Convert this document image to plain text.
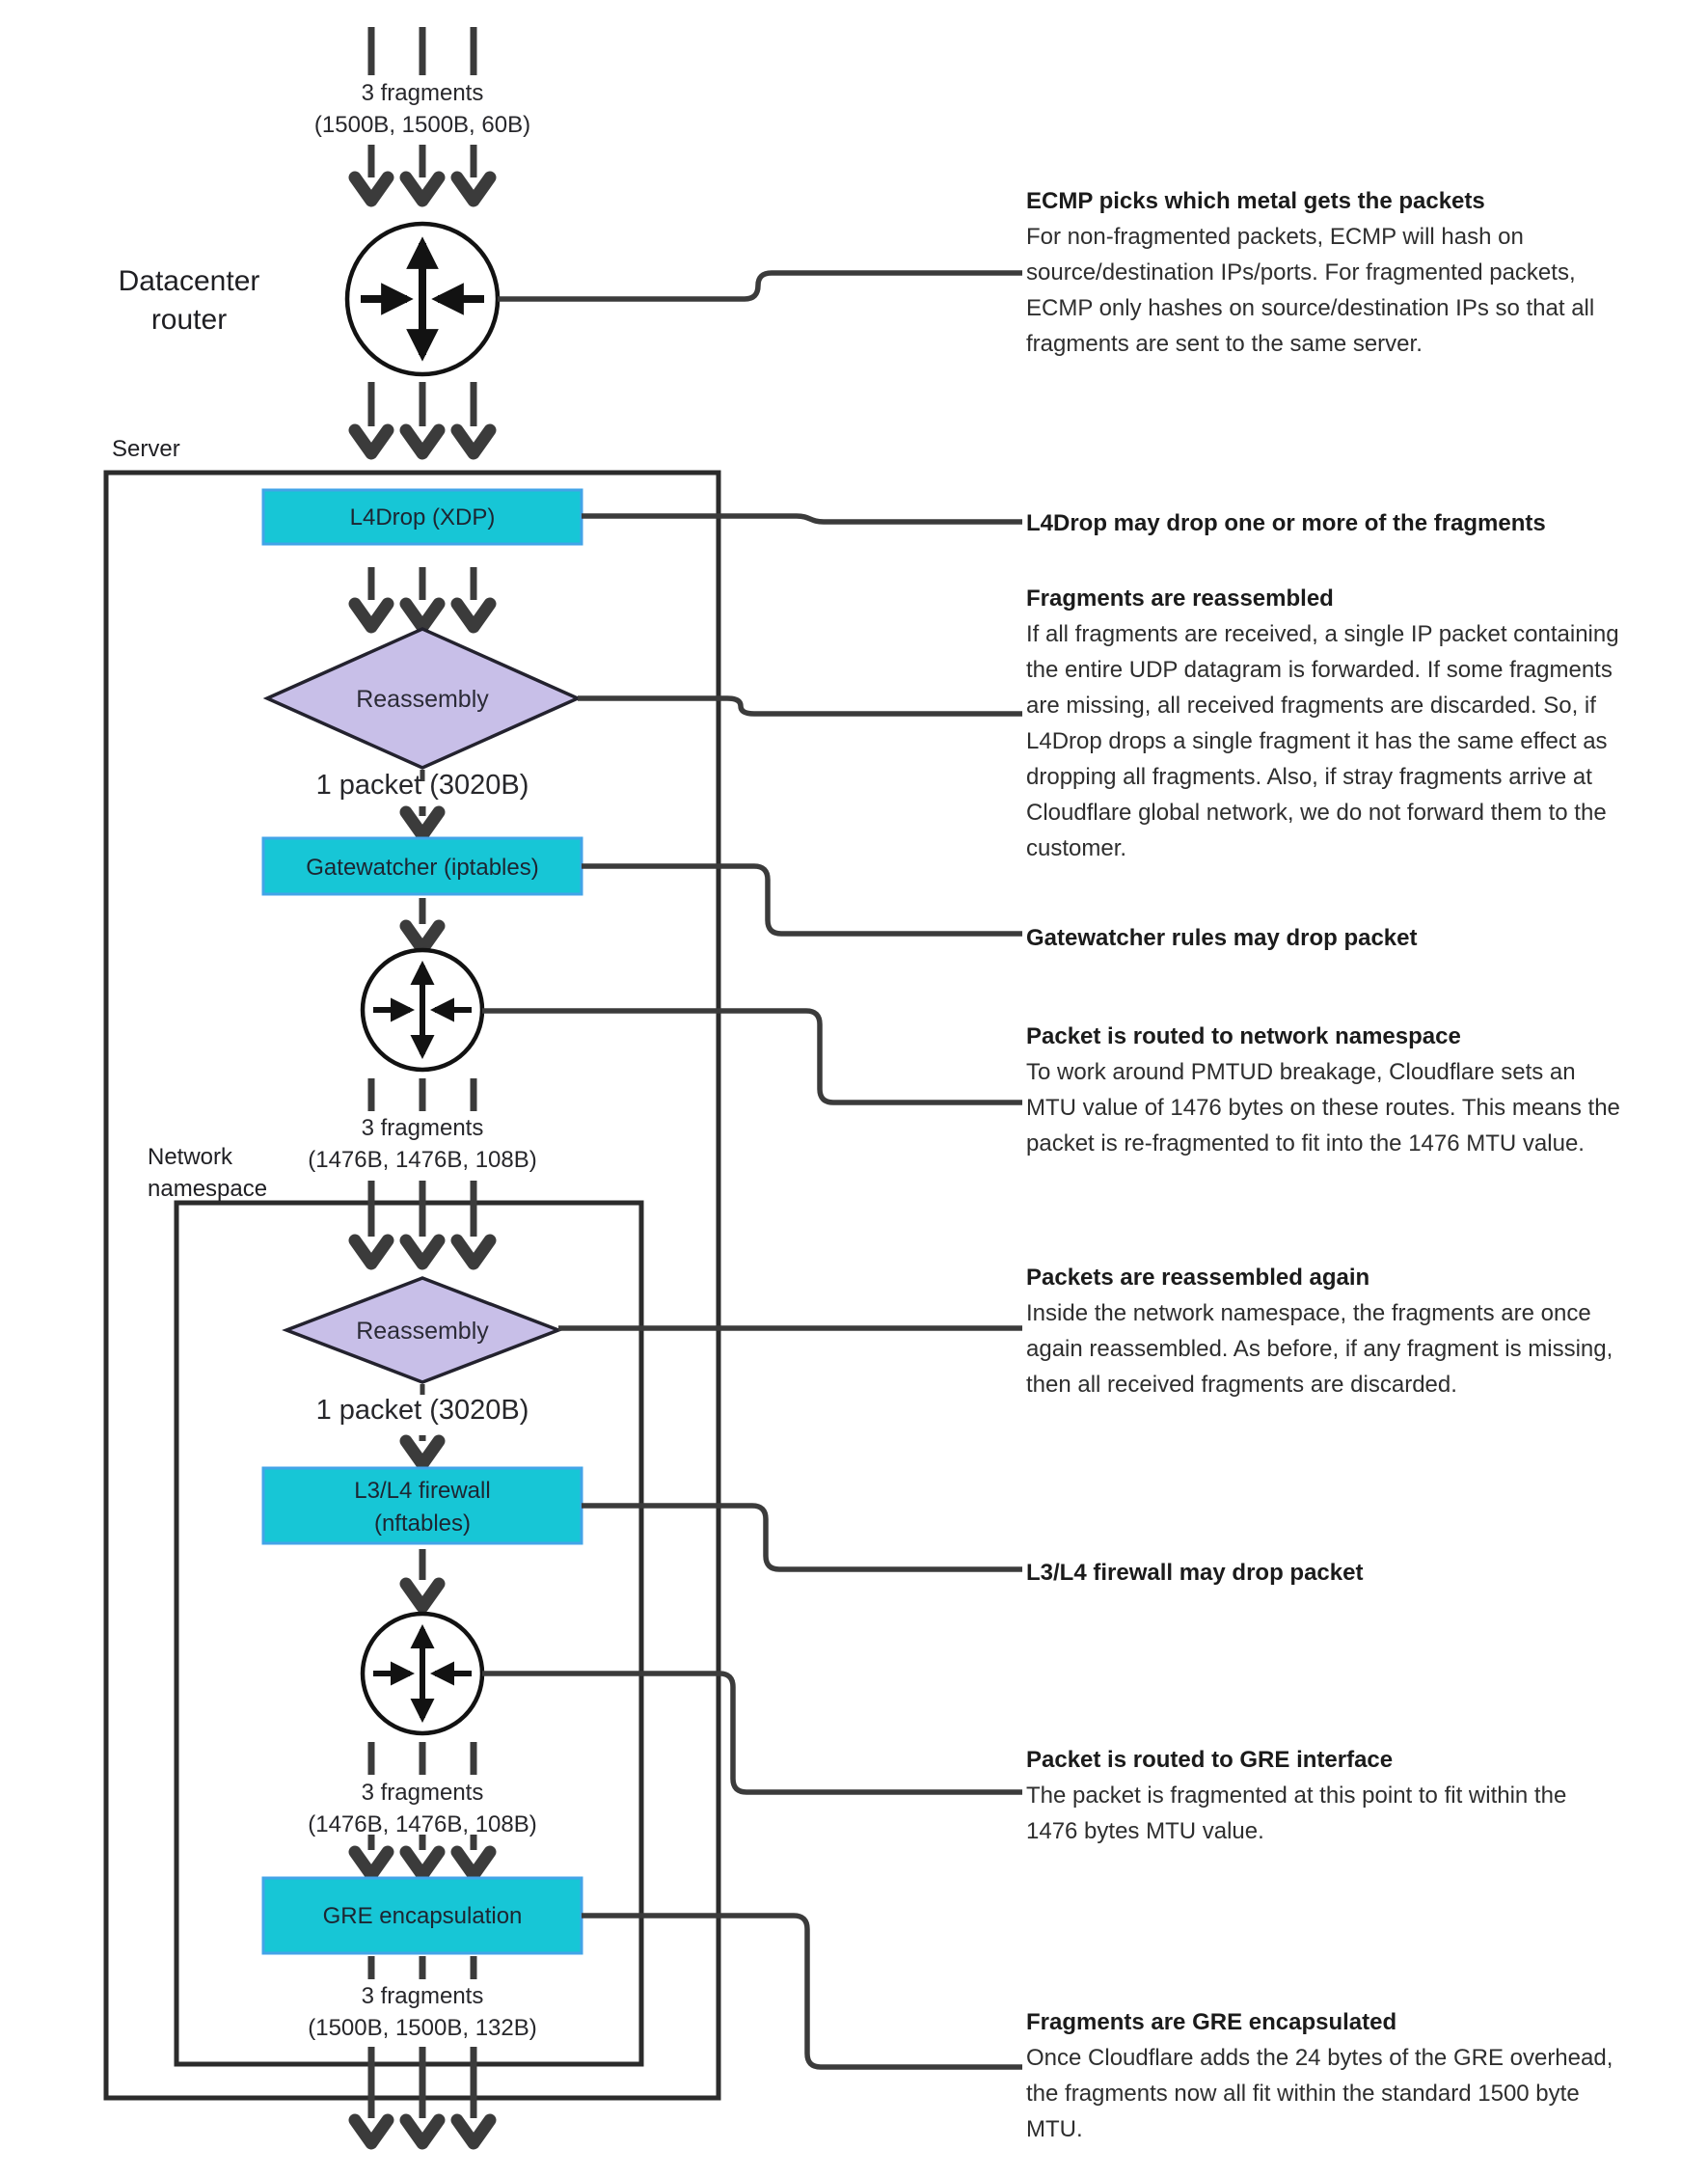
L4Drop (XDP)
Reassembly
Gatewatcher (iptables)
Reassembly
L3/L4 firewall
(nftables)
GRE encapsulation
3 fragments
(1500B, 1500B, 60B)
Datacenter router
Server
1 packet (3020B)
3 fragments
(1476B, 1476B, 108B)
Network namespace
1 packet (3020B)
3 fragments
(1476B, 1476B, 108B)
3 fragments
(1500B, 1500B, 132B)
ECMP picks which metal gets the packets
For non-fragmented packets, ECMP will hash on source/destination IPs/ports. For fragmented packets, ECMP only hashes on source/destination IPs so that all fragments are sent to the same server.
L4Drop may drop one or more of the fragments
Fragments are reassembled
If all fragments are received, a single IP packet containing the entire UDP datagram is forwarded. If some fragments are missing, all received fragments are discarded. So, if L4Drop drops a single fragment it has the same effect as dropping all fragments. Also, if stray fragments arrive at Cloudflare global network, we do not forward them to the customer.
Gatewatcher rules may drop packet
Packet is routed to network namespace
To work around PMTUD breakage, Cloudflare sets an MTU value of 1476 bytes on these routes. This means the packet is re-fragmented to fit into the 1476 MTU value.
Packets are reassembled again
Inside the network namespace, the fragments are once again reassembled. As before, if any fragment is missing, then all received fragments are discarded.
L3/L4 firewall may drop packet
Packet is routed to GRE interface
The packet is fragmented at this point to fit within the 1476 bytes MTU value.
Fragments are GRE encapsulated
Once Cloudflare adds the 24 bytes of the GRE overhead, the fragments now all fit within the standard 1500 byte MTU.
